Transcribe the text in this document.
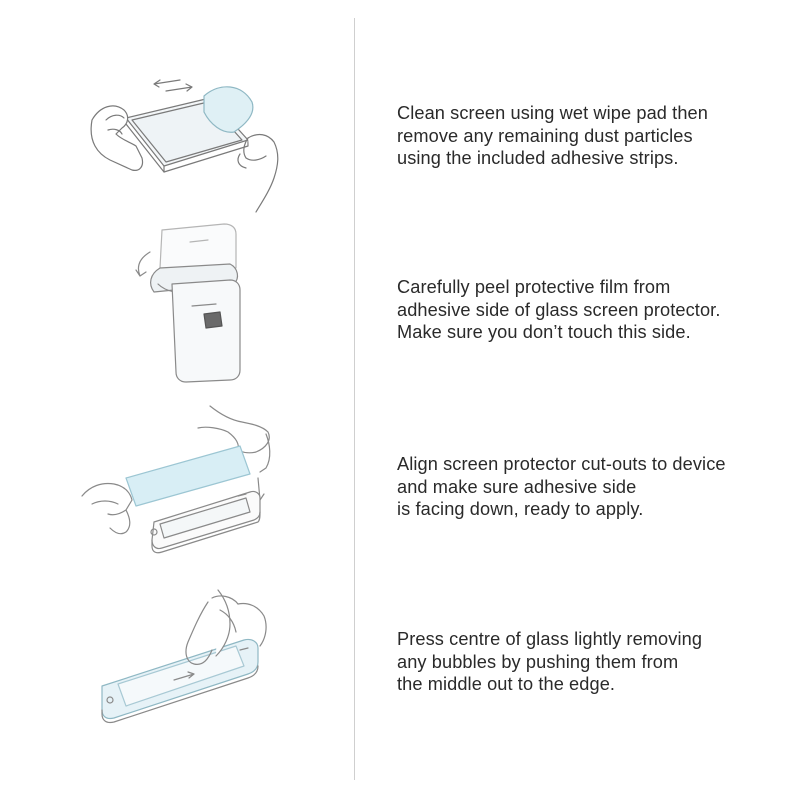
Clean screen using wet wipe pad then
remove any remaining dust particles
using the included adhesive strips.
Carefully peel protective film from
adhesive side of glass screen protector.
Make sure you don’t touch this side.
Align screen protector cut-outs to device
and make sure adhesive side
is facing down, ready to apply.
Press centre of glass lightly removing
any bubbles by pushing them from
the middle out to the edge.
